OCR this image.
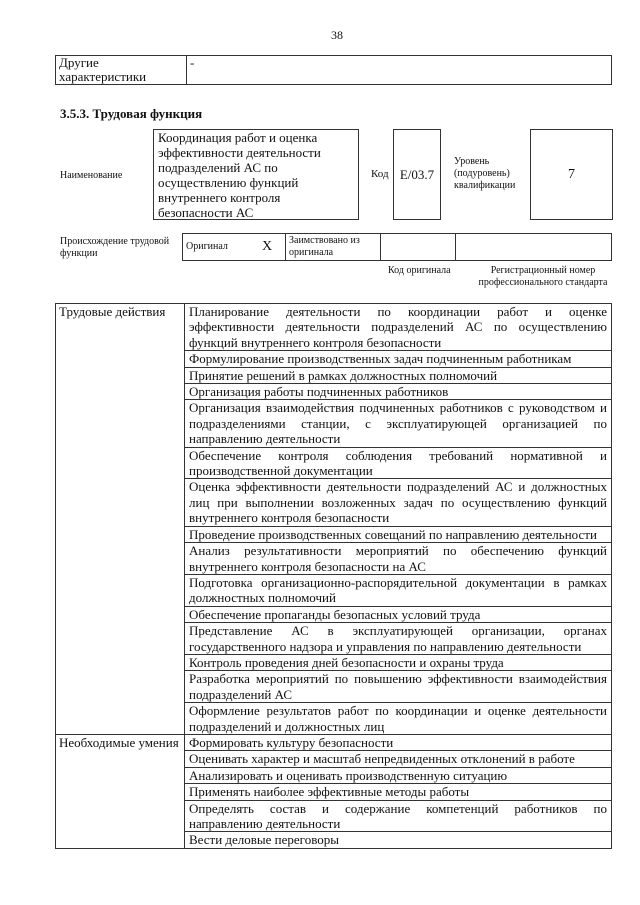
38
Другие характеристики	-
3.5.3. Трудовая функция
Наименование
Координация работ и оценка эффективности деятельности подразделений АС по осуществлению функций внутреннего контроля безопасности АС
Код E/03.7
Уровень (подуровень) квалификации
7
Происхождение трудовой функции
Оригинал	X	Заимствовано из оригинала		
Код оригинала	Регистрационный номер профессионального стандарта
Трудовые действия	Планирование деятельности по координации работ и оценке эффективности деятельности подразделений АС по осуществлению функций внутреннего контроля безопасности
	Формулирование производственных задач подчиненным работникам
	Принятие решений в рамках должностных полномочий
	Организация работы подчиненных работников
	Организация взаимодействия подчиненных работников с руководством и подразделениями станции, с эксплуатирующей организацией по направлению деятельности
	Обеспечение контроля соблюдения требований нормативной и производственной документации
	Оценка эффективности деятельности подразделений АС и должностных лиц при выполнении возложенных задач по осуществлению функций внутреннего контроля безопасности
	Проведение производственных совещаний по направлению деятельности
	Анализ результативности мероприятий по обеспечению функций внутреннего контроля безопасности на АС
	Подготовка организационно-распорядительной документации в рамках должностных полномочий
	Обеспечение пропаганды безопасных условий труда
	Представление АС в эксплуатирующей организации, органах государственного надзора и управления по направлению деятельности
	Контроль проведения дней безопасности и охраны труда
	Разработка мероприятий по повышению эффективности взаимодействия подразделений АС
	Оформление результатов работ по координации и оценке деятельности подразделений и должностных лиц
Необходимые умения	Формировать культуру безопасности
	Оценивать характер и масштаб непредвиденных отклонений в работе
	Анализировать и оценивать производственную ситуацию
	Применять наиболее эффективные методы работы
	Определять состав и содержание компетенций работников по направлению деятельности
	Вести деловые переговоры
